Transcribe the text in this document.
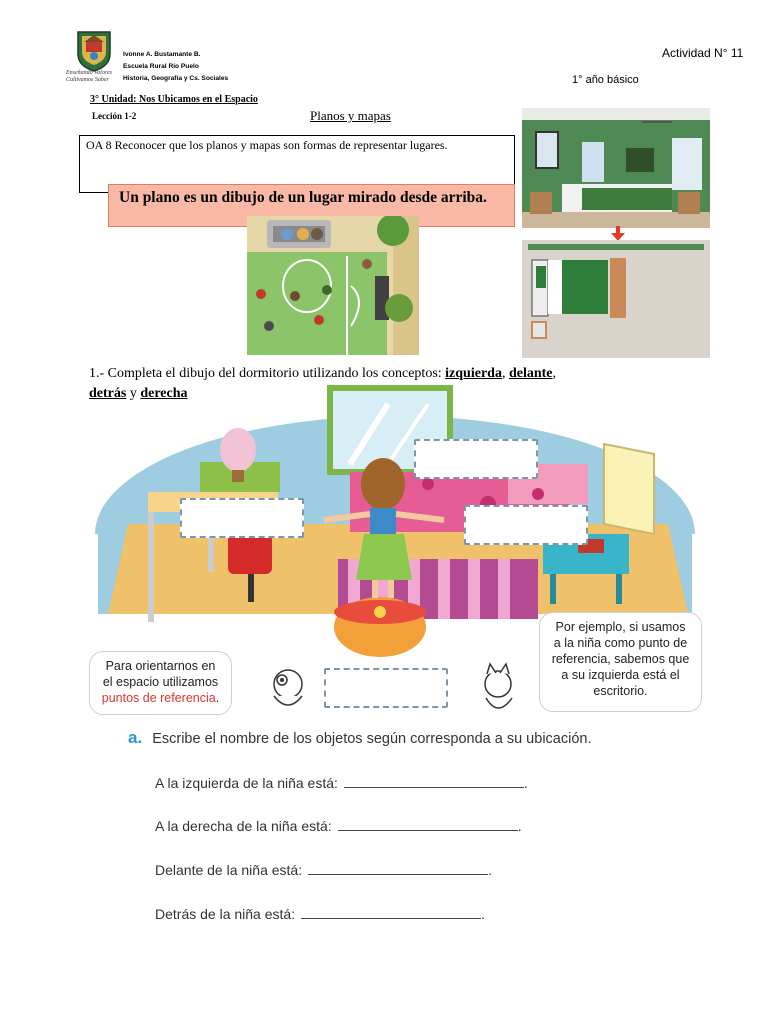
Enseñando Valores Cultivamos Saber
Ivonne A. Bustamante B.
Escuela Rural Río Puelo
Historia, Geografía y Cs. Sociales
Actividad N° 11
1° año básico
3° Unidad: Nos Ubicamos en el Espacio
Lección 1-2	Planos y mapas
OA 8 Reconocer que los planos y mapas son formas de representar lugares.
Un plano es un dibujo de un lugar mirado desde arriba.
1.- Completa el dibujo del dormitorio utilizando los conceptos: izquierda, delante,
detrás y derecha
Para orientarnos en
el espacio utilizamos
puntos de referencia.
Por ejemplo, si usamos
a la niña como punto de
referencia, sabemos que
a su izquierda está el
escritorio.
a. Escribe el nombre de los objetos según corresponda a su ubicación.
A la izquierda de la niña está:	.
A la derecha de la niña está:	.
Delante de la niña está:	.
Detrás de la niña está:	.
